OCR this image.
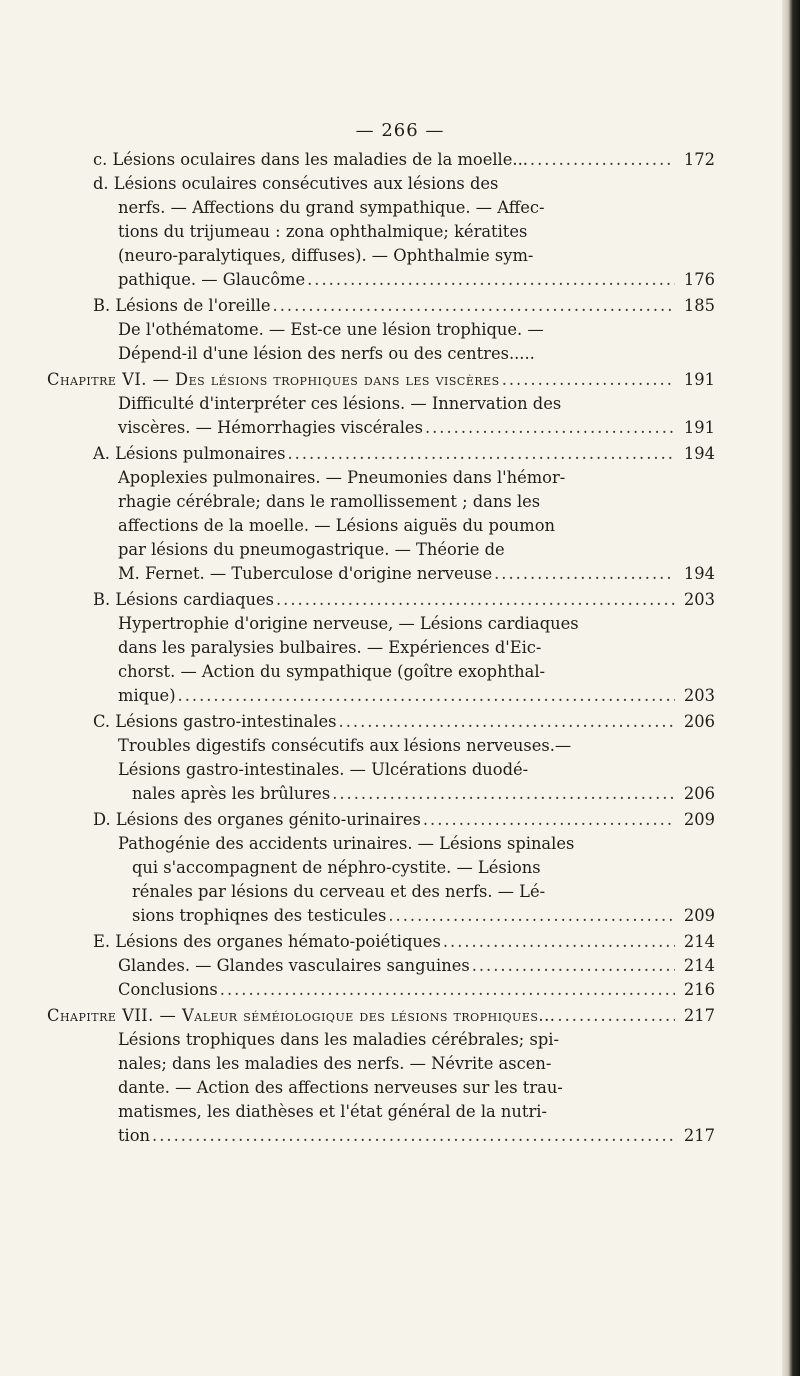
— 266 —
c. Lésions oculaires dans les maladies de la moelle... .....	172
d. Lésions oculaires consécutives aux lésions des
nerfs. — Affections du grand sympathique. — Affec-
tions du trijumeau : zona ophthalmique; kératites
(neuro-paralytiques, diffuses). — Ophthalmie sym-
pathique. — Glaucôme .....	176
B. Lésions de l'oreille .....	185
De l'othématome. — Est-ce une lésion trophique. —
Dépend-il d'une lésion des nerfs ou des centres.....
Chapitre VI. — Des lésions trophiques dans les viscères .....	191
Difficulté d'interpréter ces lésions. — Innervation des
viscères. — Hémorrhagies viscérales .....	191
A. Lésions pulmonaires .....	194
Apoplexies pulmonaires. — Pneumonies dans l'hémor-
rhagie cérébrale; dans le ramollissement ; dans les
affections de la moelle. — Lésions aiguës du poumon
par lésions du pneumogastrique. — Théorie de
M. Fernet. — Tuberculose d'origine nerveuse .....	194
B. Lésions cardiaques .....	203
Hypertrophie d'origine nerveuse, — Lésions cardiaques
dans les paralysies bulbaires. — Expériences d'Eic-
chorst. — Action du sympathique (goître exophthal-
mique) .....	203
C. Lésions gastro-intestinales .....	206
Troubles digestifs consécutifs aux lésions nerveuses.—
Lésions gastro-intestinales. — Ulcérations duodé-
nales après les brûlures .....	206
D. Lésions des organes génito-urinaires .....	209
Pathogénie des accidents urinaires. — Lésions spinales
qui s'accompagnent de néphro-cystite. — Lésions
rénales par lésions du cerveau et des nerfs. — Lé-
sions trophiqnes des testicules .....	209
E. Lésions des organes hémato-poiétiques .....	214
Glandes. — Glandes vasculaires sanguines .....	214
Conclusions .....	216
Chapitre VII. — Valeur séméiologique des lésions trophiques... .....	217
Lésions trophiques dans les maladies cérébrales; spi-
nales; dans les maladies des nerfs. — Névrite ascen-
dante. — Action des affections nerveuses sur les trau-
matismes, les diathèses et l'état général de la nutri-
tion .....	217
